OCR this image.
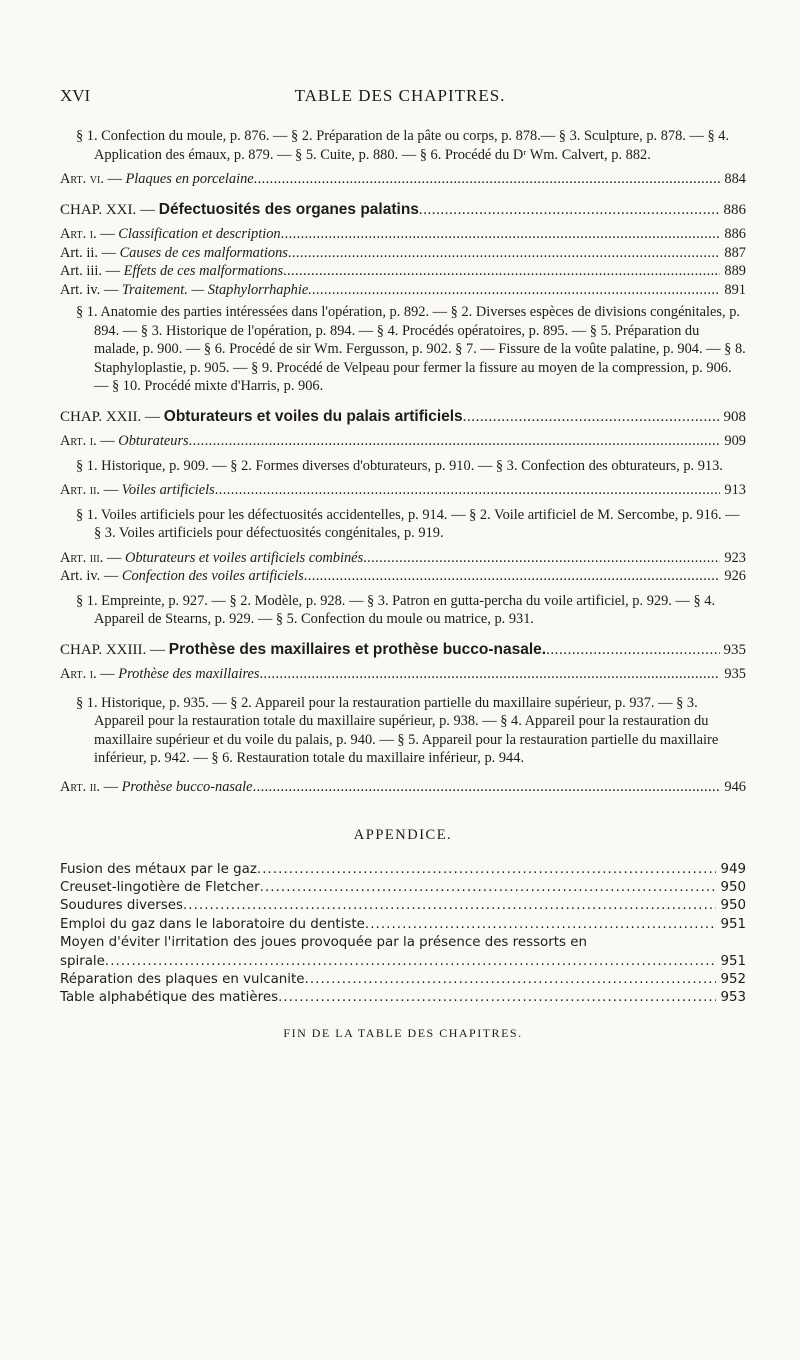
XVI	TABLE DES CHAPITRES.

§ 1. Confection du moule, p. 876. — § 2. Préparation de la pâte ou corps, p. 878.— § 3. Sculpture, p. 878. — § 4. Application des émaux, p. 879. — § 5. Cuite, p. 880. — § 6. Procédé du Dʳ Wm. Calvert, p. 882.

Art. vi. — Plaques en porcelaine . . .	884
CHAP. XXI. — Défectuosités des organes palatins . . .	886
Art. i. — Classification et description . . .	886
Art. ii. — Causes de ces malformations . . .	887
Art. iii. — Effets de ces malformations . . .	889
Art. iv. — Traitement. — Staphylorrhaphie. . . .	891

§ 1. Anatomie des parties intéressées dans l'opération, p. 892. — § 2. Diverses espèces de divisions congénitales, p. 894. — § 3. Historique de l'opération, p. 894. — § 4. Procédés opératoires, p. 895. — § 5. Préparation du malade, p. 900. — § 6. Procédé de sir Wm. Fergusson, p. 902. § 7. — Fissure de la voûte palatine, p. 904. — § 8. Staphyloplastie, p. 905. — § 9. Procédé de Velpeau pour fermer la fissure au moyen de la compression, p. 906. — § 10. Procédé mixte d'Harris, p. 906.

CHAP. XXII. — Obturateurs et voiles du palais artificiels . . .	908
Art. i. — Obturateurs . . .	909

§ 1. Historique, p. 909. — § 2. Formes diverses d'obturateurs, p. 910. — § 3. Confection des obturateurs, p. 913.

Art. ii. — Voiles artificiels . . .	913

§ 1. Voiles artificiels pour les défectuosités accidentelles, p. 914. — § 2. Voile artificiel de M. Sercombe, p. 916. — § 3. Voiles artificiels pour défectuosités congénitales, p. 919.

Art. iii. — Obturateurs et voiles artificiels combinés . . .	923
Art. iv. — Confection des voiles artificiels . . .	926

§ 1. Empreinte, p. 927. — § 2. Modèle, p. 928. — § 3. Patron en gutta-percha du voile artificiel, p. 929. — § 4. Appareil de Stearns, p. 929. — § 5. Confection du moule ou matrice, p. 931.

CHAP. XXIII. — Prothèse des maxillaires et prothèse bucco-nasale. . . .	935
Art. i. — Prothèse des maxillaires . . .	935

§ 1. Historique, p. 935. — § 2. Appareil pour la restauration partielle du maxillaire supérieur, p. 937. — § 3. Appareil pour la restauration totale du maxillaire supérieur, p. 938. — § 4. Appareil pour la restauration du maxillaire supérieur et du voile du palais, p. 940. — § 5. Appareil pour la restauration partielle du maxillaire inférieur, p. 942. — § 6. Restauration totale du maxillaire inférieur, p. 944.

Art. ii. — Prothèse bucco-nasale . . .	946
APPENDICE.
Fusion des métaux par le gaz . . .	949
Creuset-lingotière de Fletcher . . .	950
Soudures diverses . . .	950
Emploi du gaz dans le laboratoire du dentiste . . .	951
Moyen d'éviter l'irritation des joues provoquée par la présence des ressorts en
spirale . . .	951
Réparation des plaques en vulcanite . . .	952
Table alphabétique des matières . . .	953
FIN DE LA TABLE DES CHAPITRES.
